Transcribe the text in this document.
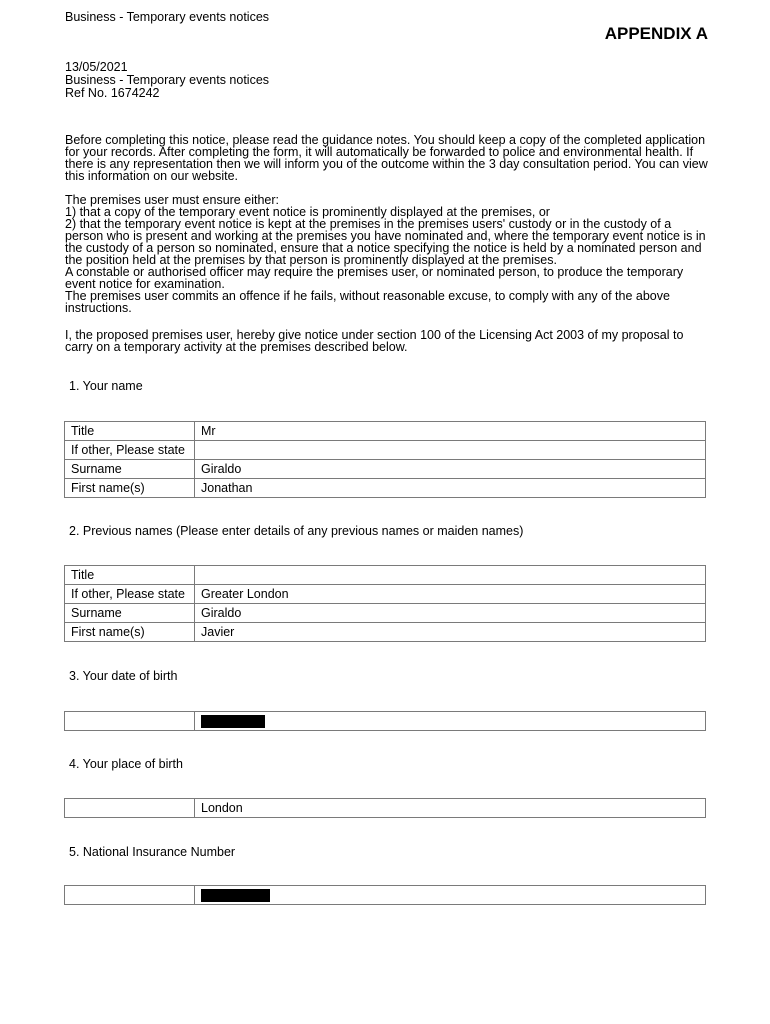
Business - Temporary events notices
APPENDIX A
13/05/2021
Business - Temporary events notices
Ref No. 1674242
Before completing this notice, please read the guidance notes. You should keep a copy of the completed application for your records. After completing the form, it will automatically be forwarded to police and environmental health. If there is any representation then we will inform you of the outcome within the 3 day consultation period. You can view this information on our website.
The premises user must ensure either:
1) that a copy of the temporary event notice is prominently displayed at the premises, or
2) that the temporary event notice is kept at the premises in the premises users' custody or in the custody of a person who is present and working at the premises you have nominated and, where the temporary event notice is in the custody of a person so nominated, ensure that a notice specifying the notice is held by a nominated person and the position held at the premises by that person is prominently displayed at the premises.
A constable or authorised officer may require the premises user, or nominated person, to produce the temporary event notice for examination.
The premises user commits an offence if he fails, without reasonable excuse, to comply with any of the above instructions.
I, the proposed premises user, hereby give notice under section 100 of the Licensing Act 2003 of my proposal to carry on a temporary activity at the premises described below.
1. Your name
Title	Mr
If other, Please state	
Surname	Giraldo
First name(s)	Jonathan
2. Previous names (Please enter details of any previous names or maiden names)
Title	
If other, Please state	Greater London
Surname	Giraldo
First name(s)	Javier
3. Your date of birth

4. Your place of birth
	London
5. National Insurance Number
